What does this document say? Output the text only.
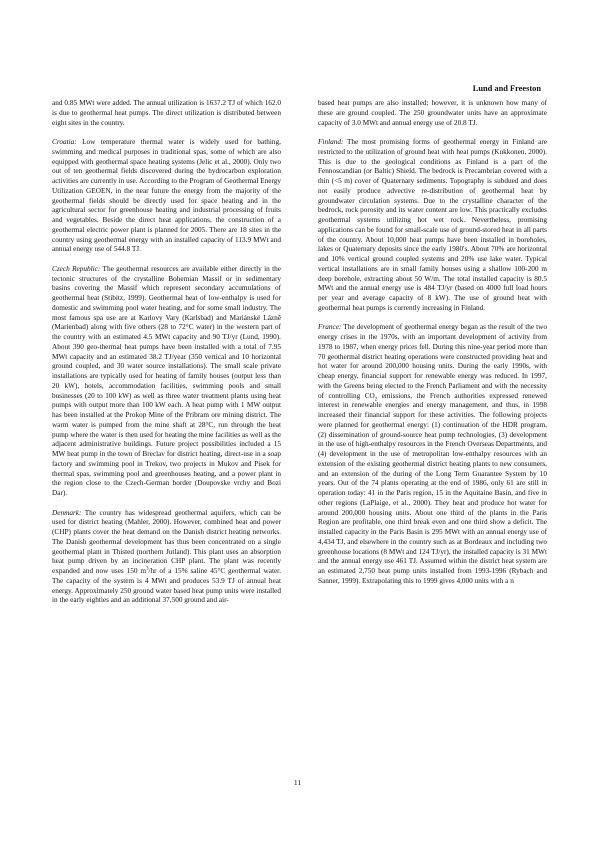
Lund and Freeston

and 0.85 MWt were added. The annual utilization is 1637.2 TJ of which 162.0 is due to geothermal heat pumps. The direct utilization is distributed between eight sites in the country.

Croatia: Low temperature thermal water is widely used for bathing, swimming and medical purposes in traditional spas, some of which are also equipped with geothermal space heating systems (Jelic et al., 2000). Only two out of ten geothermal fields discovered during the hydrocarbon exploration activities are currently in use. According to the Program of Geothermal Energy Utilization GEOEN, in the near future the energy from the majority of the geothermal fields should be directly used for space heating and in the agricultural sector for greenhouse heating and industrial processing of fruits and vegetables. Beside the direct heat applications, the construction of a geothermal electric power plant is planned for 2005. There are 18 sites in the country using geothermal energy with an installed capacity of 113.9 MWt and annual energy use of 544.8 TJ.

Czech Republic: The geothermal resources are available either directly in the tectonic structures of the crystalline Bohemian Massif or in sedimentary basins covering the Massif which represent secondary accumulations of geothermal heat (Stibitz, 1999). Geothermal heat of low-enthalpy is used for domestic and swimming pool water heating, and for some small industry. The most famous spa use are at Karlovy Vary (Karlsbad) and Mariánské Lázně (Marienbad) along with five others (28 to 72°C water) in the western part of the country with an estimated 4.5 MWt capacity and 90 TJ/yr (Lund, 1990). About 390 geo-thermal heat pumps have been installed with a total of 7.95 MWt capacity and an estimated 38.2 TJ/year (350 vertical and 10 horizontal ground coupled, and 30 water source installations). The small scale private installations are typically used for heating of family houses (output less than 20 kW), hotels, accommodation facilities, swimming pools and small businesses (20 to 100 kW) as well as three water treatment plants using heat pumps with output more than 100 kW each. A heat pump with 1 MW output has been installed at the Prokop Mine of the Pribram ore mining district. The warm water is pumped from the mine shaft at 28°C, run through the heat pump where the water is then used for heating the mine facilities as well as the adjacent administrative buildings. Future project possibilities included a 15 MW heat pump in the town of Breclav for district heating, direct-use in a soap factory and swimming pool in Trekov, two projects in Mukov and Pisek for thermal spas, swimming pool and greenhouses heating, and a power plant in the region close to the Czech-German border (Doupovske vrchy and Bozi Dar).

Denmark: The country has widespread geothermal aquifers, which can be used for district heating (Mahler, 2000). However, combined heat and power (CHP) plants cover the heat demand on the Danish district heating networks. The Danish geothermal development has thus been concentrated on a single geothermal plant in Thisted (northern Jutland). This plant uses an absorption heat pump driven by an incineration CHP plant. The plant was recently expanded and now uses 150 $m^3/hr$ of a 15% saline 45°C geothermal water. The capacity of the system is 4 MWt and produces 53.9 TJ of annual heat energy. Approximately 250 ground water based heat pump units were installed in the early eighties and an additional 37,500 ground and air-

based heat pumps are also installed; however, it is unknown how many of these are ground coupled. The 250 groundwater units have an approximate capacity of 3.0 MWt and annual energy use of 20.8 TJ.

Finland: The most promising forms of geothermal energy in Finland are restricted to the utilization of ground heat with heat pumps (Kukkonen, 2000). This is due to the geological conditions as Finland is a part of the Fennoscandian (or Baltic) Shield. The bedrock is Precambrian covered with a thin (<5 m) cover of Quaternary sediments. Topography is subdued and does not easily produce advective re-distribution of geothermal heat by groundwater circulation systems. Due to the crystalline character of the bedrock, rock porosity and its water content are low. This practically excludes geothermal systems utilizing hot wet rock. Nevertheless, promising applications can be found for small-scale use of ground-stored heat in all parts of the country. About 10,000 heat pumps have been installed in boreholes, lakes or Quaternary deposits since the early 1980's. About 70% are horizontal and 10% vertical ground coupled systems and 20% use lake water. Typical vertical installations are in small family houses using a shallow 100-200 m deep borehole, extracting about 50 W/m. The total installed capacity is 80.5 MWt and the annual energy use is 484 TJ/yr (based on 4000 full load hours per year and average capacity of 8 kW). The use of ground heat with geothermal heat pumps is currently increasing in Finland.

France: The development of geothermal energy began as the result of the two energy crises in the 1970s, with an important development of activity from 1978 to 1987, when energy prices fell. During this nine-year period more than 70 geothermal district heating operations were constructed providing heat and hot water for around 200,000 housing units. During the early 1990s, with cheap energy, financial support for renewable energy was reduced. In 1997, with the Greens being elected to the French Parliament and with the necessity of controlling $CO_2$ emissions, the French authorities expressed renewed interest in renewable energies and energy management, and thus, in 1998 increased their financial support for these activities. The following projects were planned for geothermal energy: (1) continuation of the HDR program, (2) dissemination of ground-source heat pump technologies, (3) development in the use of high-enthalpy resources in the French Overseas Departments, and (4) development in the use of metropolitan low-enthalpy resources with an extension of the existing geothermal district heating plants to new consumers, and an extension of the during of the Long Term Guarantee System by 10 years. Out of the 74 plants operating at the end of 1986, only 61 are still in operation today: 41 in the Paris region, 15 in the Aquitaine Basin, and five in other regions (LaPlaige, et al., 2000). They heat and produce hot water for around 200,000 housing units. About one third of the plants in the Paris Region are profitable, one third break even and one third show a deficit. The installed capacity in the Paris Basin is 295 MWt with an annual energy use of 4,434 TJ, and elsewhere in the country such as at Bordeaux and including two greenhouse locations (8 MWt and 124 TJ/yr), the installed capacity is 31 MWt and the annual energy use 461 TJ. Assumed within the district heat system are an estimated 2,750 heat pump units installed from 1993-1996 (Rybach and Sanner, 1999). Extrapolating this to 1999 gives 4,000 units with a n

11
